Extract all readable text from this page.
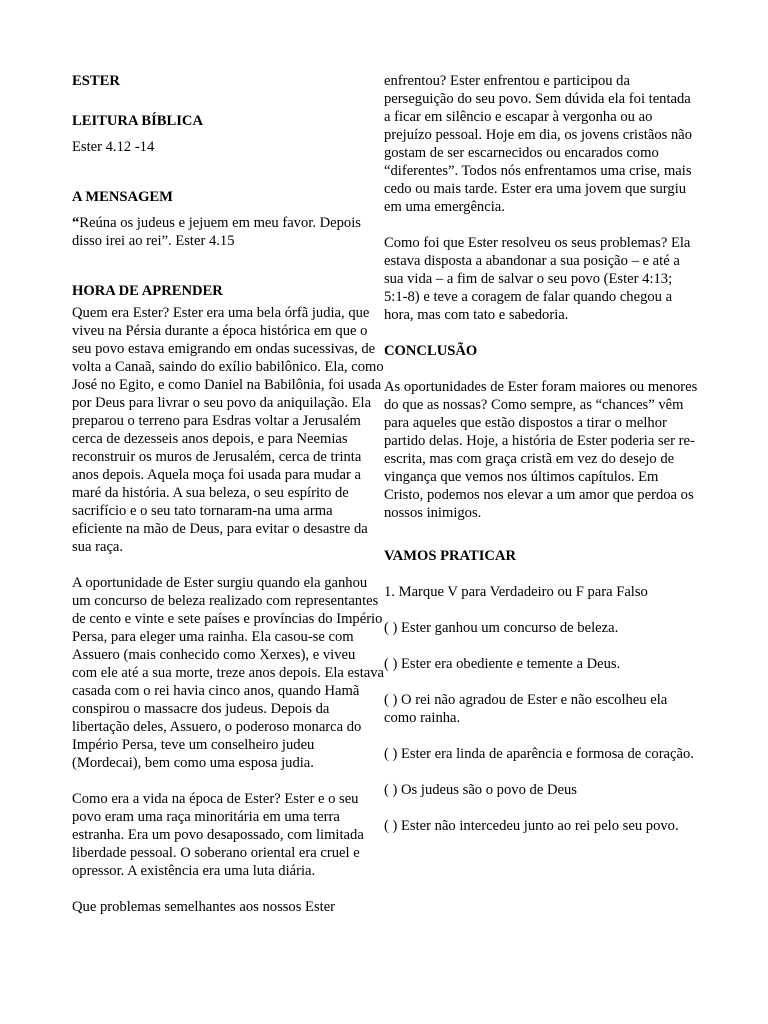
ESTER
LEITURA BÍBLICA

Ester 4.12 -14

A MENSAGEM

“Reúna os judeus e jejuem em meu favor. Depois disso irei ao rei”. Ester 4.15

HORA DE APRENDER

Quem era Ester? Ester era uma bela órfã judia, que viveu na Pérsia durante a época histórica em que o seu povo estava emigrando em ondas sucessivas, de volta a Canaã, saindo do exílio babilônico. Ela, como José no Egito, e como Daniel na Babilônia, foi usada por Deus para livrar o seu povo da aniquilação. Ela preparou o terreno para Esdras voltar a Jerusalém cerca de dezesseis anos depois, e para Neemias reconstruir os muros de Jerusalém, cerca de trinta anos depois. Aquela moça foi usada para mudar a maré da história. A sua beleza, o seu espírito de sacrifício e o seu tato tornaram-na uma arma eficiente na mão de Deus, para evitar o desastre da sua raça.

A oportunidade de Ester surgiu quando ela ganhou um concurso de beleza realizado com representantes de cento e vinte e sete países e províncias do Império Persa, para eleger uma rainha. Ela casou-se com Assuero (mais conhecido como Xerxes), e viveu com ele até a sua morte, treze anos depois. Ela estava casada com o rei havia cinco anos, quando Hamã conspirou o massacre dos judeus. Depois da libertação deles, Assuero, o poderoso monarca do Império Persa, teve um conselheiro judeu (Mordecai), bem como uma esposa judia.

Como era a vida na época de Ester? Ester e o seu povo eram uma raça minoritária em uma terra estranha. Era um povo desapossado, com limitada liberdade pessoal. O soberano oriental era cruel e opressor. A existência era uma luta diária.

Que problemas semelhantes aos nossos Ester

enfrentou? Ester enfrentou e participou da perseguição do seu povo. Sem dúvida ela foi tentada a ficar em silêncio e escapar à vergonha ou ao prejuízo pessoal. Hoje em dia, os jovens cristãos não gostam de ser escarnecidos ou encarados como “diferentes”. Todos nós enfrentamos uma crise, mais cedo ou mais tarde. Ester era uma jovem que surgiu em uma emergência.

Como foi que Ester resolveu os seus problemas? Ela estava disposta a abandonar a sua posição – e até a sua vida – a fim de salvar o seu povo (Ester 4:13; 5:1-8) e teve a coragem de falar quando chegou a hora, mas com tato e sabedoria.

CONCLUSÃO

As oportunidades de Ester foram maiores ou menores do que as nossas? Como sempre, as “chances” vêm para aqueles que estão dispostos a tirar o melhor partido delas. Hoje, a história de Ester poderia ser re-escrita, mas com graça cristã em vez do desejo de vingança que vemos nos últimos capítulos. Em Cristo, podemos nos elevar a um amor que perdoa os nossos inimigos.

VAMOS PRATICAR

1. Marque V para Verdadeiro ou F para Falso

( ) Ester ganhou um concurso de beleza.

( ) Ester era obediente e temente a Deus.

( ) O rei não agradou de Ester e não escolheu ela como rainha.

( ) Ester era linda de aparência e formosa de coração.

( ) Os judeus são o povo de Deus

( ) Ester não intercedeu junto ao rei pelo seu povo.
